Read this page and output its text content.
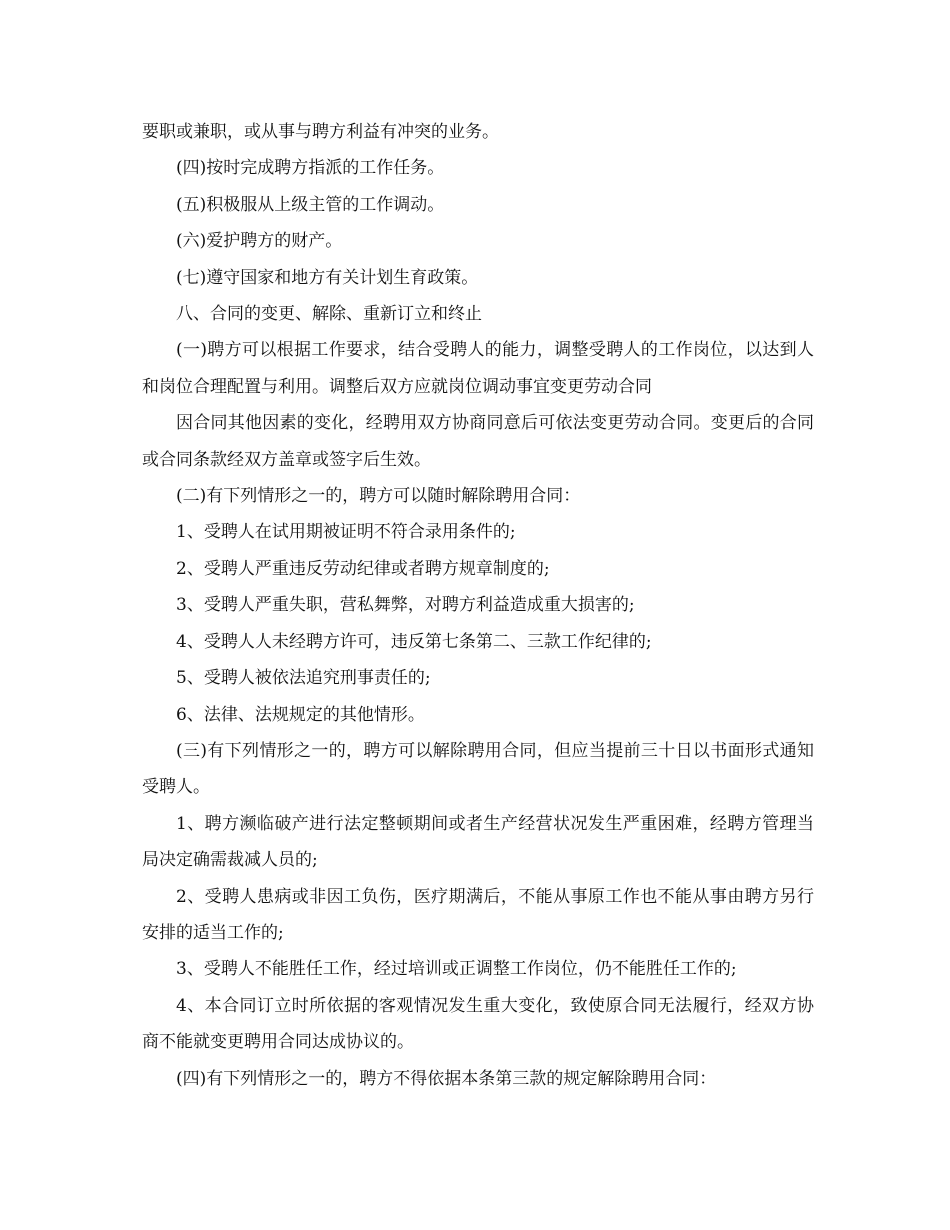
要职或兼职，或从事与聘方利益有冲突的业务。

(四)按时完成聘方指派的工作任务。

(五)积极服从上级主管的工作调动。

(六)爱护聘方的财产。

(七)遵守国家和地方有关计划生育政策。

八、合同的变更、解除、重新订立和终止

(一)聘方可以根据工作要求，结合受聘人的能力，调整受聘人的工作岗位，以达到人和岗位合理配置与利用。调整后双方应就岗位调动事宜变更劳动合同

因合同其他因素的变化，经聘用双方协商同意后可依法变更劳动合同。变更后的合同或合同条款经双方盖章或签字后生效。

(二)有下列情形之一的，聘方可以随时解除聘用合同：

1、受聘人在试用期被证明不符合录用条件的;

2、受聘人严重违反劳动纪律或者聘方规章制度的;

3、受聘人严重失职，营私舞弊，对聘方利益造成重大损害的;

4、受聘人人未经聘方许可，违反第七条第二、三款工作纪律的;

5、受聘人被依法追究刑事责任的;

6、法律、法规规定的其他情形。

(三)有下列情形之一的，聘方可以解除聘用合同，但应当提前三十日以书面形式通知受聘人。

1、聘方濒临破产进行法定整顿期间或者生产经营状况发生严重困难，经聘方管理当局决定确需裁减人员的;

2、受聘人患病或非因工负伤，医疗期满后，不能从事原工作也不能从事由聘方另行安排的适当工作的;

3、受聘人不能胜任工作，经过培训或正调整工作岗位，仍不能胜任工作的;

4、本合同订立时所依据的客观情况发生重大变化，致使原合同无法履行，经双方协商不能就变更聘用合同达成协议的。

(四)有下列情形之一的，聘方不得依据本条第三款的规定解除聘用合同：
